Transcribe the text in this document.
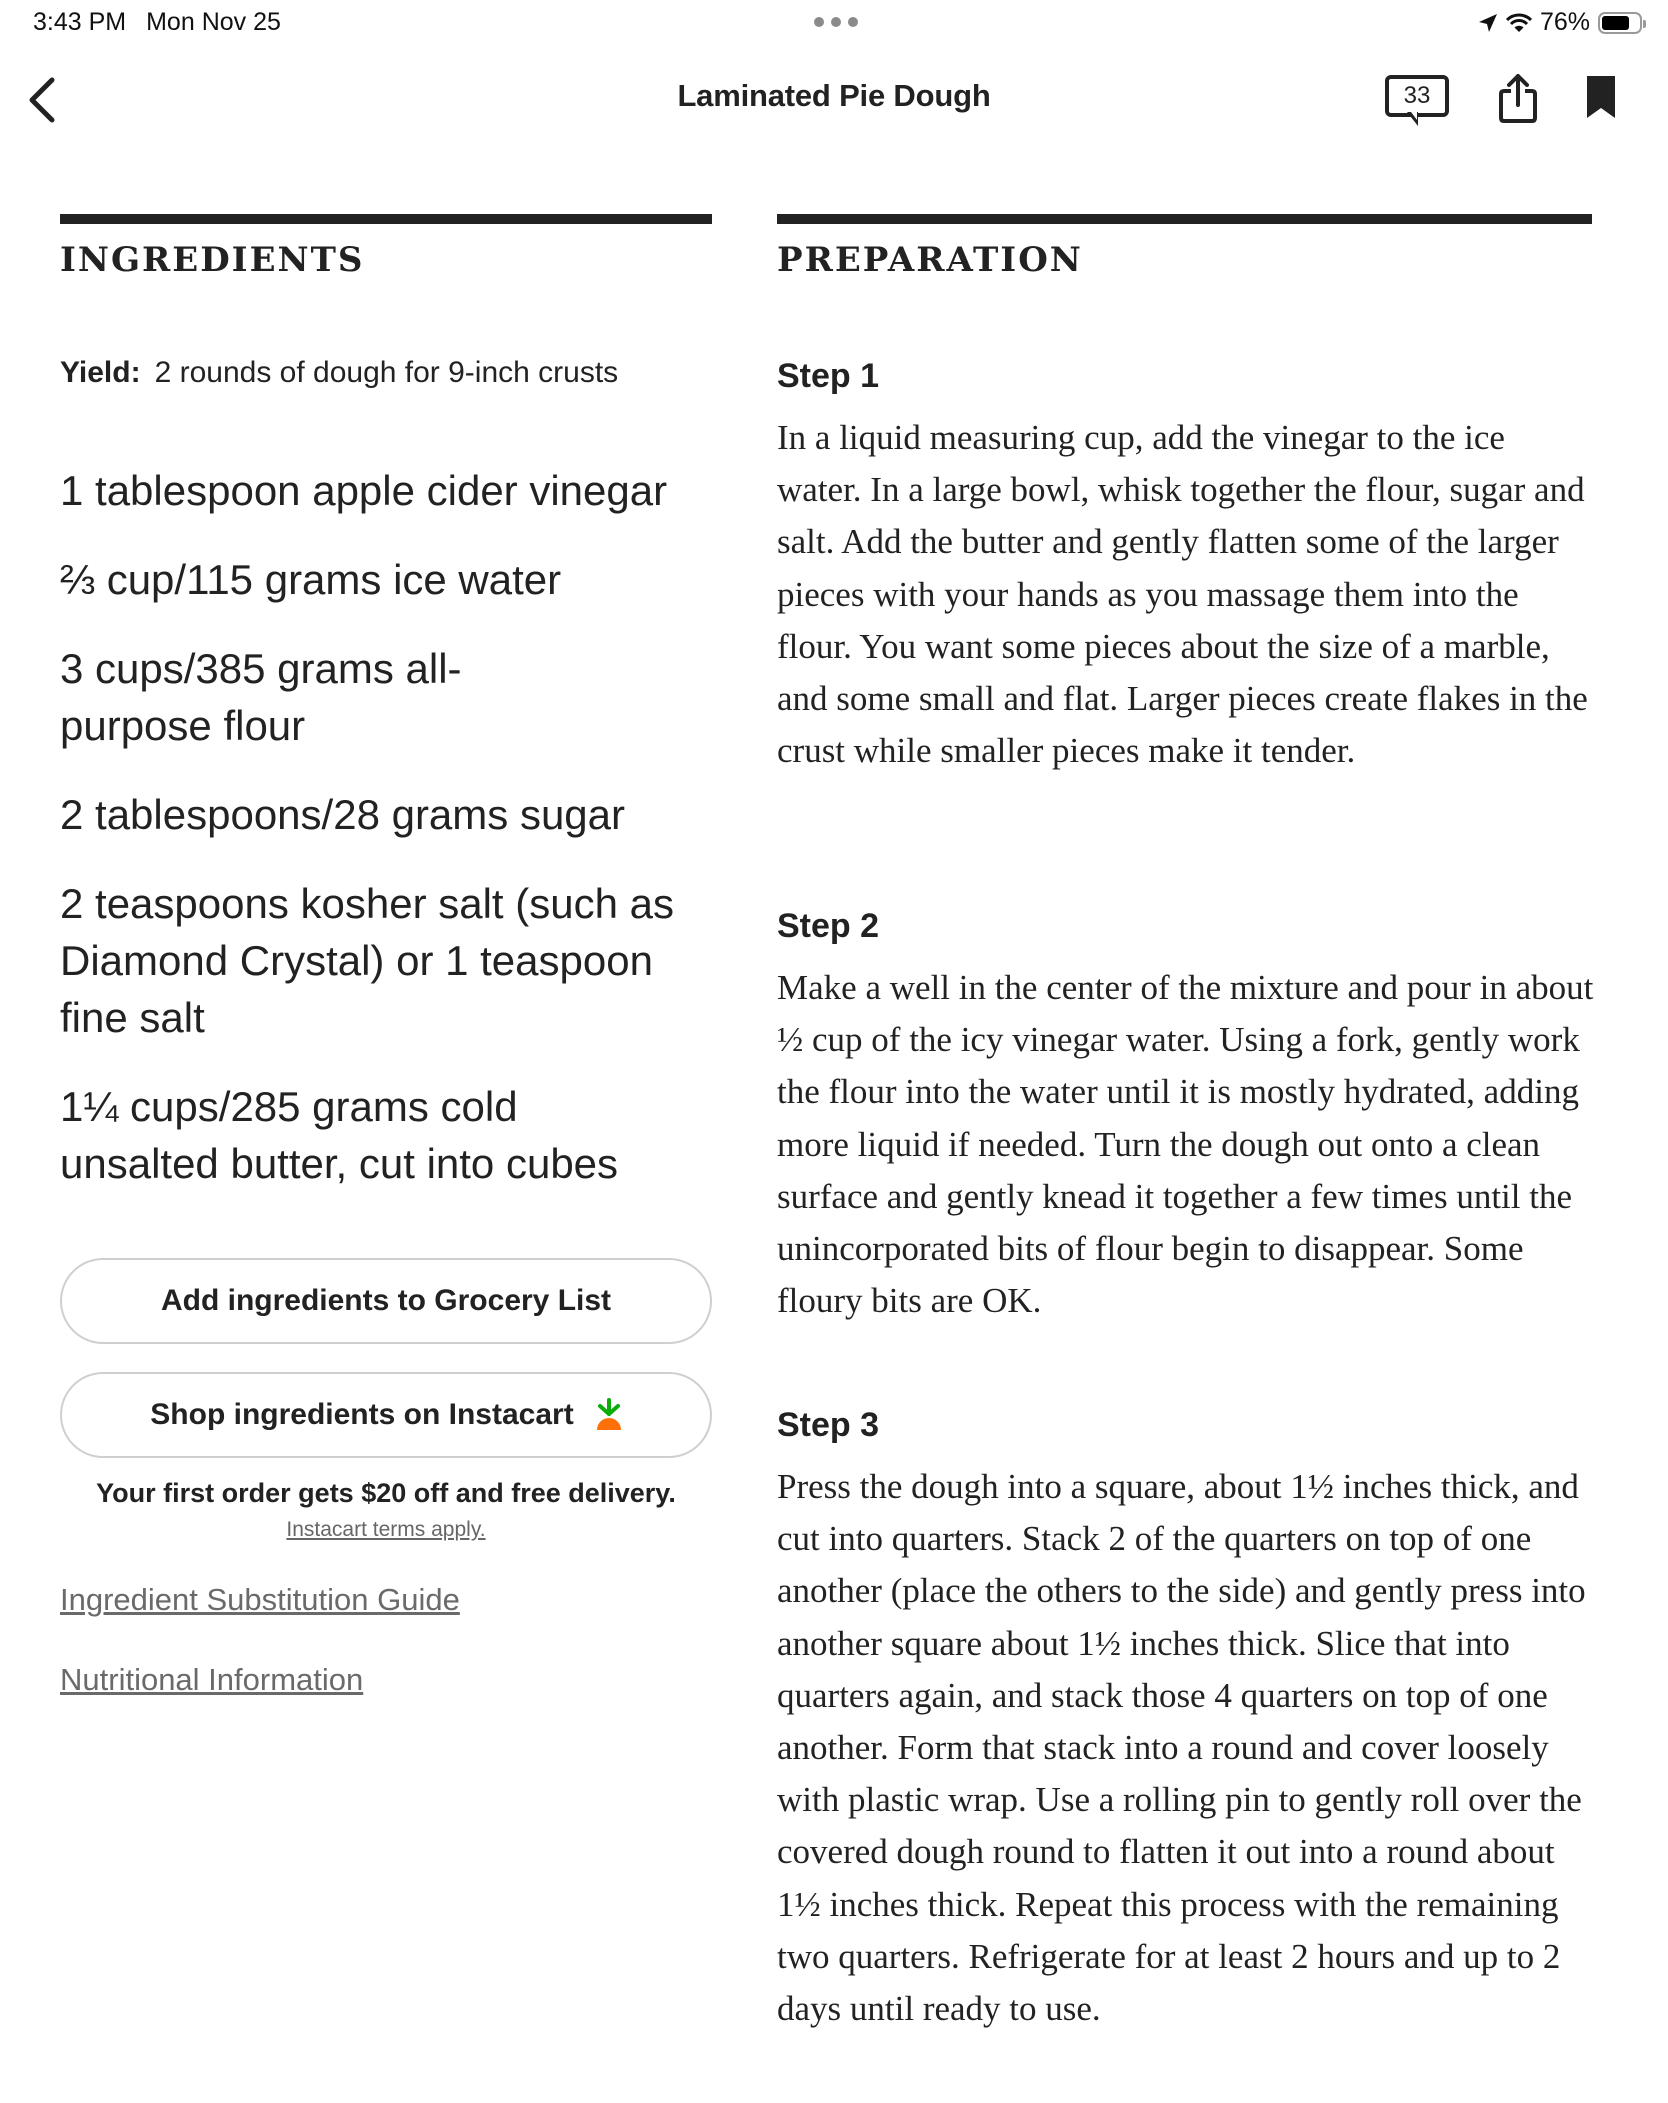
3:43 PM Mon Nov 25	76%
Laminated Pie Dough	33
INGREDIENTS
Yield: 2 rounds of dough for 9-inch crusts
1 tablespoon apple cider vinegar
⅔ cup/115 grams ice water
3 cups/385 grams all-purpose flour
2 tablespoons/28 grams sugar
2 teaspoons kosher salt (such as Diamond Crystal) or 1 teaspoon fine salt
1¼ cups/285 grams cold unsalted butter, cut into cubes
Add ingredients to Grocery List
Shop ingredients on Instacart
Your first order gets $20 off and free delivery.
Instacart terms apply.
Ingredient Substitution Guide
Nutritional Information
PREPARATION
Step 1

In a liquid measuring cup, add the vinegar to the ice water. In a large bowl, whisk together the flour, sugar and salt. Add the butter and gently flatten some of the larger pieces with your hands as you massage them into the flour. You want some pieces about the size of a marble, and some small and flat. Larger pieces create flakes in the crust while smaller pieces make it tender.

Step 2

Make a well in the center of the mixture and pour in about ½ cup of the icy vinegar water. Using a fork, gently work the flour into the water until it is mostly hydrated, adding more liquid if needed. Turn the dough out onto a clean surface and gently knead it together a few times until the unincorporated bits of flour begin to disappear. Some floury bits are OK.

Step 3

Press the dough into a square, about 1½ inches thick, and cut into quarters. Stack 2 of the quarters on top of one another (place the others to the side) and gently press into another square about 1½ inches thick. Slice that into quarters again, and stack those 4 quarters on top of one another. Form that stack into a round and cover loosely with plastic wrap. Use a rolling pin to gently roll over the covered dough round to flatten it out into a round about 1½ inches thick. Repeat this process with the remaining two quarters. Refrigerate for at least 2 hours and up to 2 days until ready to use.
